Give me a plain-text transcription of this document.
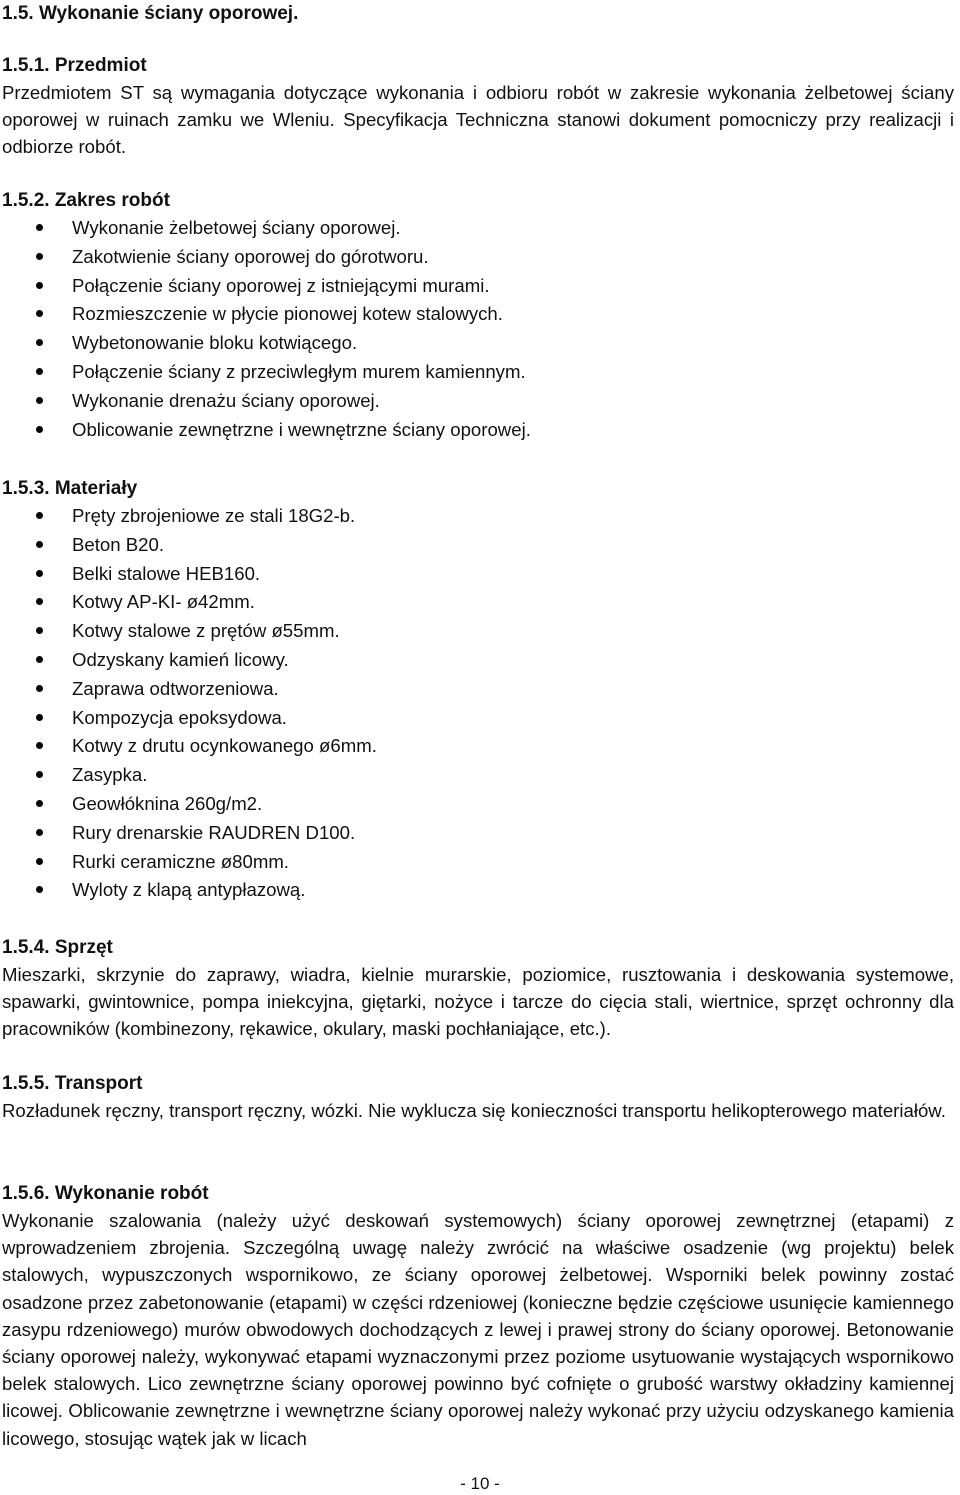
1.5. Wykonanie ściany oporowej.

1.5.1. Przedmiot

Przedmiotem ST są wymagania dotyczące wykonania i odbioru robót w zakresie wykonania żelbetowej ściany oporowej w ruinach zamku we Wleniu. Specyfikacja Techniczna stanowi dokument pomocniczy przy realizacji i odbiorze robót.

1.5.2. Zakres robót

Wykonanie żelbetowej ściany oporowej.
Zakotwienie ściany oporowej do górotworu.
Połączenie ściany oporowej z istniejącymi murami.
Rozmieszczenie w płycie pionowej kotew stalowych.
Wybetonowanie bloku kotwiącego.
Połączenie ściany z przeciwległym murem kamiennym.
Wykonanie drenażu ściany oporowej.
Oblicowanie zewnętrzne i wewnętrzne ściany oporowej.

1.5.3. Materiały

Pręty zbrojeniowe ze stali 18G2-b.
Beton B20.
Belki stalowe HEB160.
Kotwy AP-KI- ø42mm.
Kotwy stalowe z prętów ø55mm.
Odzyskany kamień licowy.
Zaprawa odtworzeniowa.
Kompozycja epoksydowa.
Kotwy z drutu ocynkowanego ø6mm.
Zasypka.
Geowłóknina 260g/m2.
Rury drenarskie RAUDREN D100.
Rurki ceramiczne ø80mm.
Wyloty z klapą antypłazową.

1.5.4. Sprzęt

Mieszarki, skrzynie do zaprawy, wiadra, kielnie murarskie, poziomice, rusztowania i deskowania systemowe, spawarki, gwintownice, pompa iniekcyjna, giętarki, nożyce i tarcze do cięcia stali, wiertnice, sprzęt ochronny dla pracowników (kombinezony, rękawice, okulary, maski pochłaniające, etc.).

1.5.5. Transport

Rozładunek ręczny, transport ręczny, wózki. Nie wyklucza się konieczności transportu helikopterowego materiałów.

1.5.6. Wykonanie robót

Wykonanie szalowania (należy użyć deskowań systemowych) ściany oporowej zewnętrznej (etapami) z wprowadzeniem zbrojenia. Szczególną uwagę należy zwrócić na właściwe osadzenie (wg projektu) belek stalowych, wypuszczonych wspornikowo, ze ściany oporowej żelbetowej. Wsporniki belek powinny zostać osadzone przez zabetonowanie (etapami) w części rdzeniowej (konieczne będzie częściowe usunięcie kamiennego zasypu rdzeniowego) murów obwodowych dochodzących z lewej i prawej strony do ściany oporowej. Betonowanie ściany oporowej należy, wykonywać etapami wyznaczonymi przez poziome usytuowanie wystających wspornikowo belek stalowych. Lico zewnętrzne ściany oporowej powinno być cofnięte o grubość warstwy okładziny kamiennej licowej. Oblicowanie zewnętrzne i wewnętrzne ściany oporowej należy wykonać przy użyciu odzyskanego kamienia licowego, stosując wątek jak w licach

- 10 -
